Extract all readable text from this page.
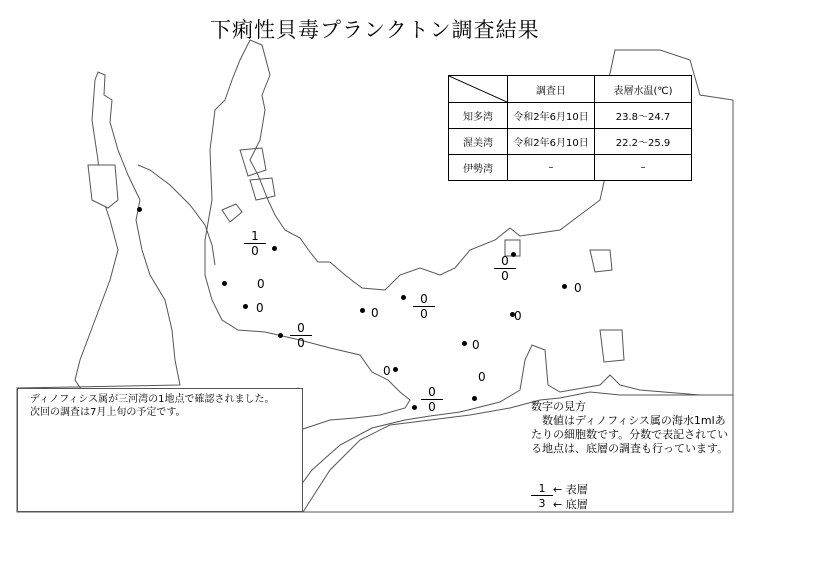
下痢性貝毒プランクトン調査結果
	調査日	表層水温(℃)
知多湾	令和2年6月10日	23.8〜24.7
渥美湾	令和2年6月10日	22.2〜25.9
伊勢湾	–	–
$\frac{1}{0}$
$\frac{0}{0}$
$\frac{0}{0}$
$\frac{0}{0}$
$\frac{0}{0}$
0
0	0
0
0
0
0	0
ディノフィシス属が三河湾の1地点で確認されました。
次回の調査は7月上旬の予定です。	数字の見方
　数値はディノフィシス属の海水1mlあたりの細胞数です。分数で表記されている地点は、底層の調査も行っています。
1 ← 表層
3 ← 底層
